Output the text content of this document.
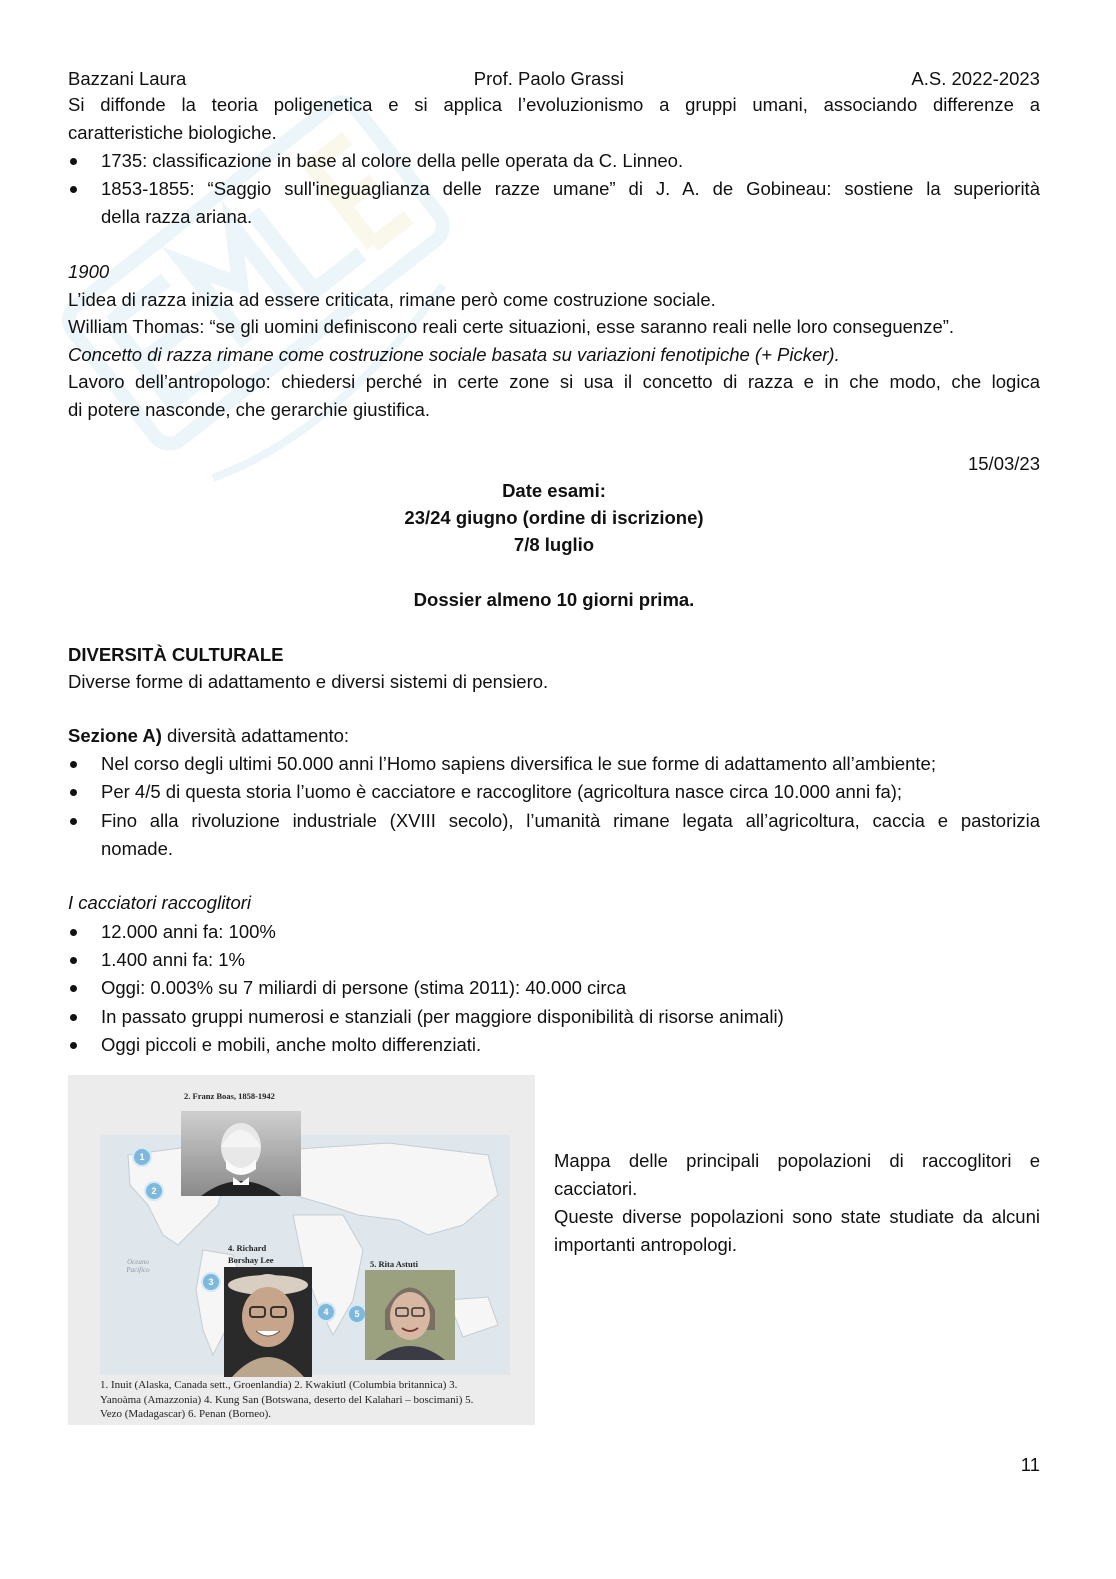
Bazzani Laura	Prof. Paolo Grassi	A.S. 2022-2023
Si diffonde la teoria poligenetica e si applica l’evoluzionismo a gruppi umani, associando differenze a
caratteristiche biologiche.
1735: classificazione in base al colore della pelle operata da C. Linneo.
1853-1855: “Saggio sull'ineguaglianza delle razze umane” di J. A. de Gobineau: sostiene la superiorità
della razza ariana.
1900
L’idea di razza inizia ad essere criticata, rimane però come costruzione sociale.
William Thomas: “se gli uomini definiscono reali certe situazioni, esse saranno reali nelle loro conseguenze”.
Concetto di razza rimane come costruzione sociale basata su variazioni fenotipiche (+ Picker).
Lavoro dell’antropologo: chiedersi perché in certe zone si usa il concetto di razza e in che modo, che logica
di potere nasconde, che gerarchie giustifica.
15/03/23
Date esami:
23/24 giugno (ordine di iscrizione)
7/8 luglio
Dossier almeno 10 giorni prima.
DIVERSITÀ CULTURALE
Diverse forme di adattamento e diversi sistemi di pensiero.
Sezione A) diversità adattamento:
Nel corso degli ultimi 50.000 anni l’Homo sapiens diversifica le sue forme di adattamento all’ambiente;
Per 4/5 di questa storia l’uomo è cacciatore e raccoglitore (agricoltura nasce circa 10.000 anni fa);
Fino alla rivoluzione industriale (XVIII secolo), l’umanità rimane legata all’agricoltura, caccia e pastorizia
nomade.
I cacciatori raccoglitori
12.000 anni fa: 100%
1.400 anni fa: 1%
Oggi: 0.003% su 7 miliardi di persone (stima 2011): 40.000 circa
In passato gruppi numerosi e stanziali (per maggiore disponibilità di risorse animali)
Oggi piccoli e mobili, anche molto differenziati.
1
2
3
4	5
Oceano Pacifico
2. Franz Boas, 1858-1942
4. Richard
Borshay Lee	5. Rita Astuti
1. Inuit (Alaska, Canada sett., Groenlandia) 2. Kwakiutl (Columbia britannica) 3.
Yanoàma (Amazzonia) 4. Kung San (Botswana, deserto del Kalahari – boscimani) 5.
Vezo (Madagascar) 6. Penan (Borneo).
Mappa delle principali popolazioni di raccoglitori e cacciatori.
Queste diverse popolazioni sono state studiate da alcuni importanti antropologi.
11
